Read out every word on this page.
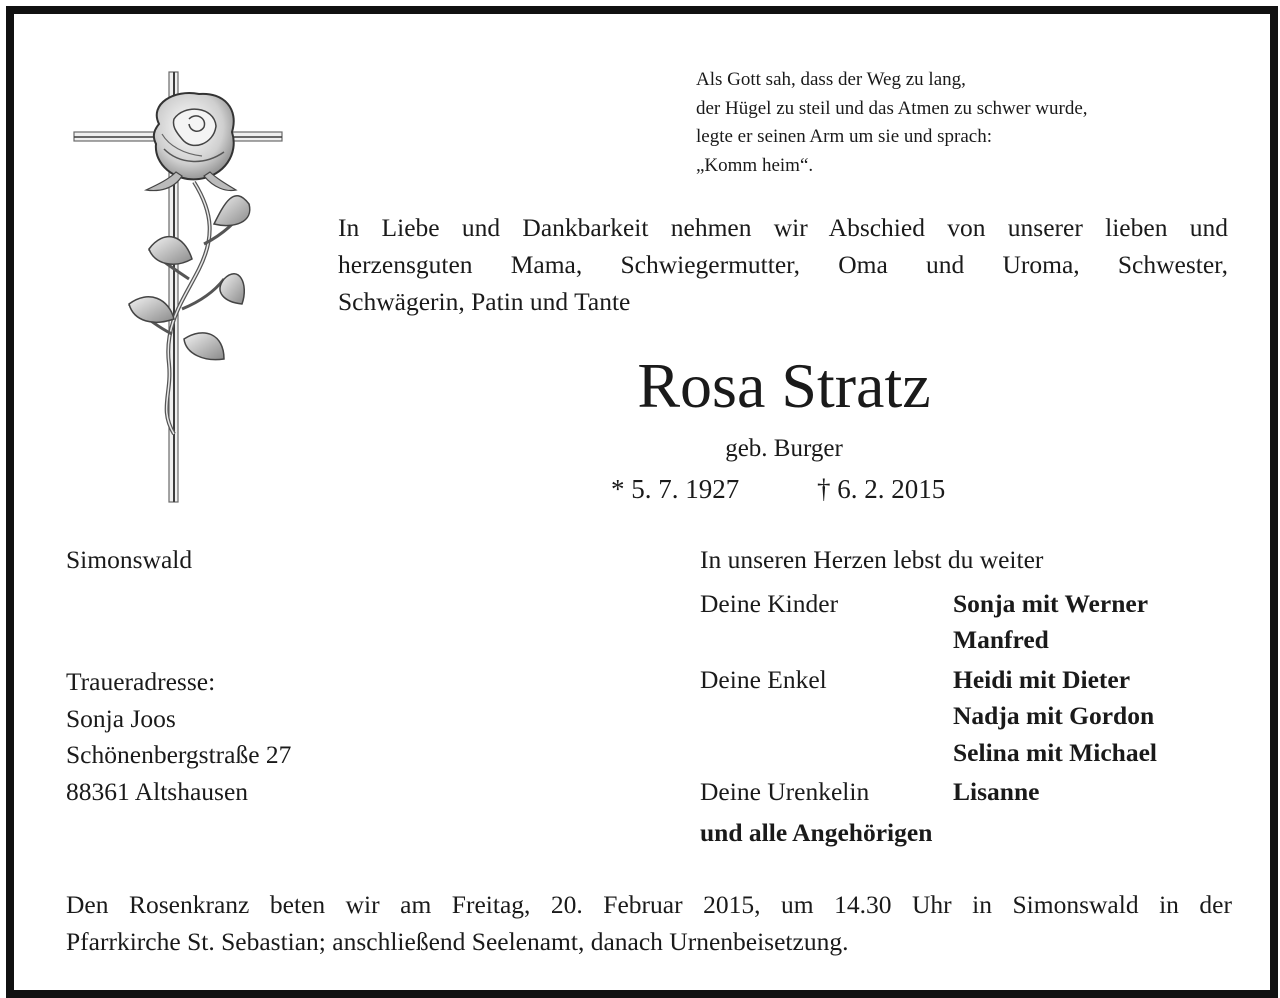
Als Gott sah, dass der Weg zu lang,
der Hügel zu steil und das Atmen zu schwer wurde,
legte er seinen Arm um sie und sprach:
„Komm heim“.
In Liebe und Dankbarkeit nehmen wir Abschied von unserer lieben und
herzensguten Mama, Schwiegermutter, Oma und Uroma, Schwester,
Schwägerin, Patin und Tante
Rosa Stratz
geb. Burger
* 5. 7. 1927	† 6. 2. 2015
Simonswald
Traueradresse:
Sonja Joos
Schönenbergstraße 27
88361 Altshausen
In unseren Herzen lebst du weiter
Deine Kinder	Sonja mit Werner
Manfred
Deine Enkel	Heidi mit Dieter
Nadja mit Gordon
Selina mit Michael
Deine Urenkelin	Lisanne
und alle Angehörigen
Den Rosenkranz beten wir am Freitag, 20. Februar 2015, um 14.30 Uhr in Simonswald in der
Pfarrkirche St. Sebastian; anschließend Seelenamt, danach Urnenbeisetzung.
